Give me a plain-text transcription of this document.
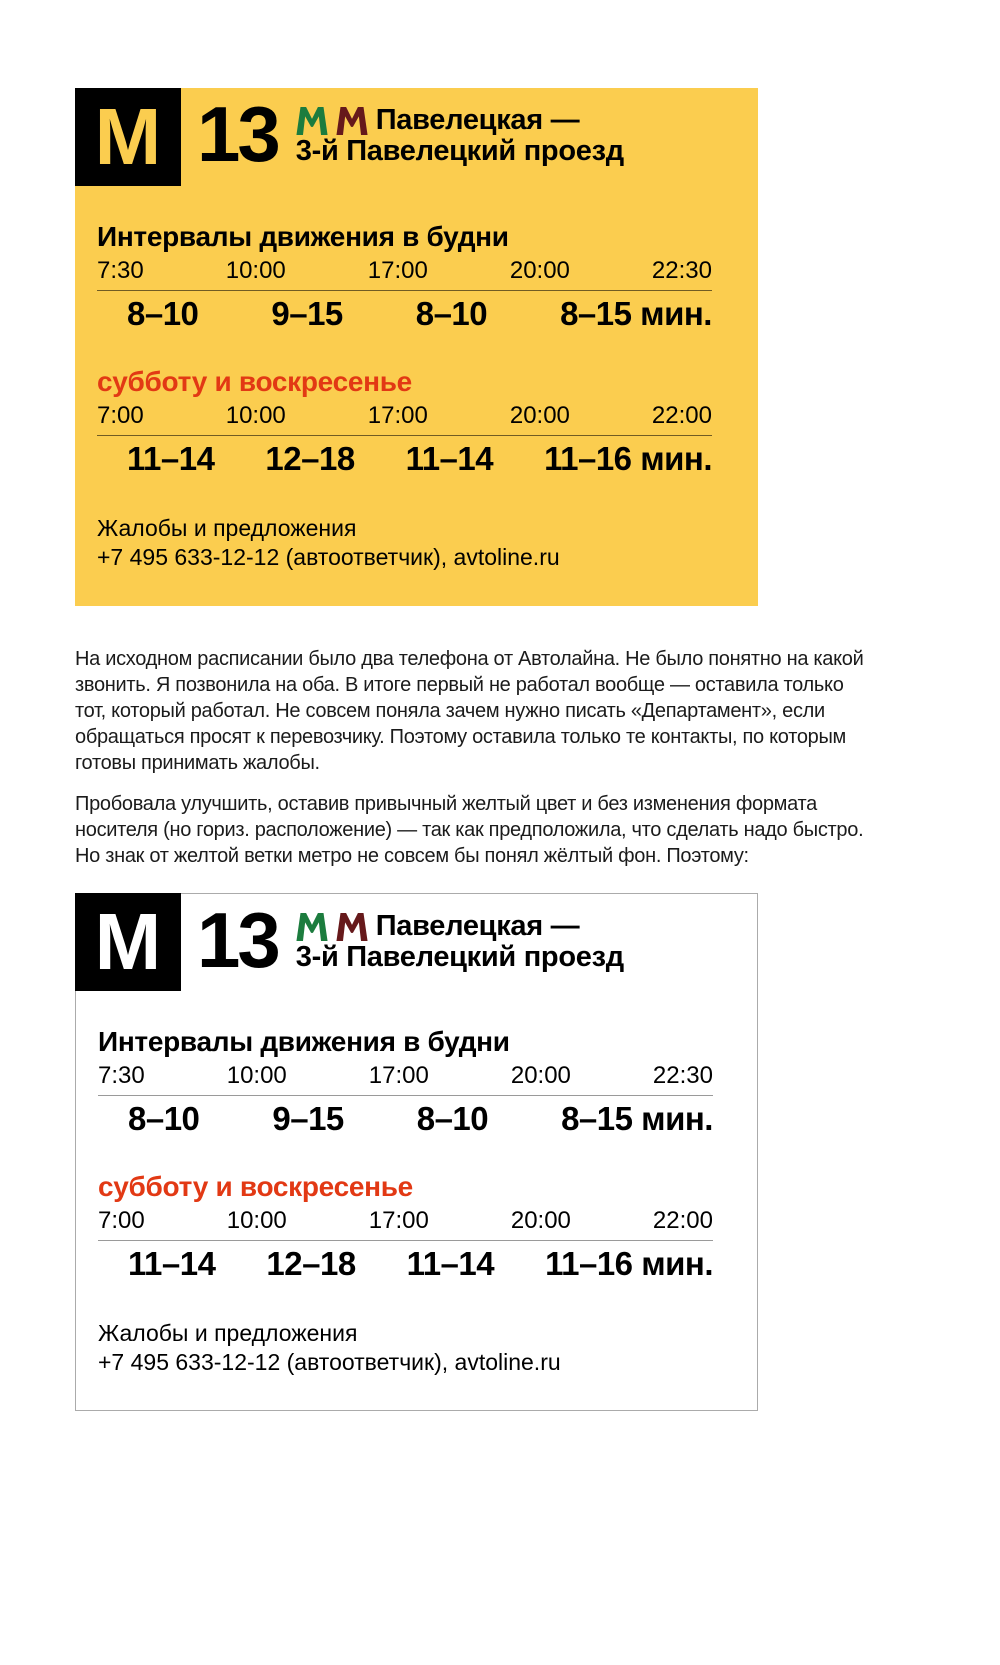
М 13	Павелецкая —
3-й Павелецкий проезд
Интервалы движения в будни
7:30	10:00	17:00	20:00	22:30
8–10 9–15 8–10 8–15 мин.
субботу и воскресенье
7:00	10:00	17:00	20:00	22:00
11–14 12–18 11–14 11–16 мин.
Жалобы и предложения
+7 495 633-12-12 (автоответчик), avtoline.ru

На исходном расписании было два телефона от Автолайна. Не было понятно на какой звонить. Я позвонила на оба. В итоге первый не работал вообще — оставила только тот, который работал. Не совсем поняла зачем нужно писать «Департамент», если обращаться просят к перевозчику. Поэтому оставила только те контакты, по которым готовы принимать жалобы.

Пробовала улучшить, оставив привычный желтый цвет и без изменения формата носителя (но гориз. расположение) — так как предположила, что сделать надо быстро. Но знак от желтой ветки метро не совсем бы понял жёлтый фон. Поэтому:

М 13	Павелецкая —
3-й Павелецкий проезд
Интервалы движения в будни
7:30	10:00	17:00	20:00	22:30
8–10 9–15 8–10 8–15 мин.
субботу и воскресенье
7:00	10:00	17:00	20:00	22:00
11–14 12–18 11–14 11–16 мин.
Жалобы и предложения
+7 495 633-12-12 (автоответчик), avtoline.ru
